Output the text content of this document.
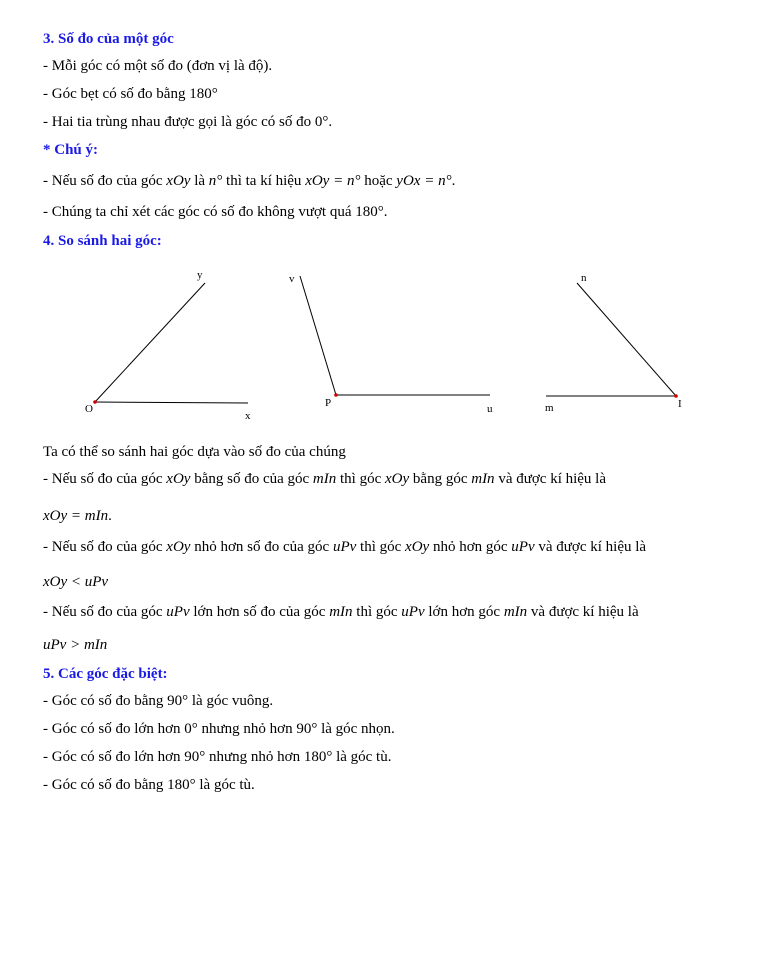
3. Số đo của một góc
- Mỗi góc có một số đo (đơn vị là độ).
- Góc bẹt có số đo bằng 180°
- Hai tia trùng nhau được gọi là góc có số đo 0°.
* Chú ý:
- Nếu số đo của góc xOy là n° thì ta kí hiệu xOy = n° hoặc yOx = n°.
- Chúng ta chỉ xét các góc có số đo không vượt quá 180°.
4. So sánh hai góc:
y
O
x
v
P	u
n
m	I
Ta có thể so sánh hai góc dựa vào số đo của chúng
- Nếu số đo của góc xOy bằng số đo của góc mIn thì góc xOy bằng góc mIn và được kí hiệu là
xOy = mIn.
- Nếu số đo của góc xOy nhỏ hơn số đo của góc uPv thì góc xOy nhỏ hơn góc uPv và được kí hiệu là
xOy < uPv
- Nếu số đo của góc uPv lớn hơn số đo của góc mIn thì góc uPv lớn hơn góc mIn và được kí hiệu là
uPv > mIn
5. Các góc đặc biệt:
- Góc có số đo bằng 90° là góc vuông.
- Góc có số đo lớn hơn 0° nhưng nhỏ hơn 90° là góc nhọn.
- Góc có số đo lớn hơn 90° nhưng nhỏ hơn 180° là góc tù.
- Góc có số đo bằng 180° là góc tù.
